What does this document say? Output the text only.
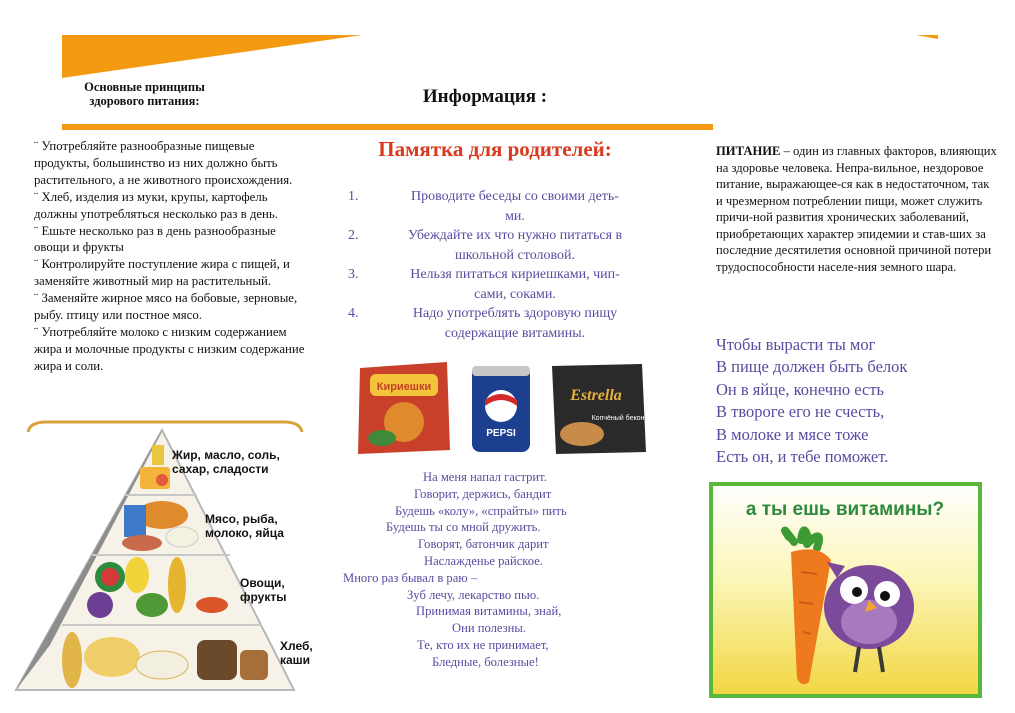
Основные принципы
здорового питания:	Информация :

¨ Употребляйте разнообразные пищевые продукты, большинство из них должно быть растительного, а не животного происхождения.

¨ Хлеб, изделия из муки, крупы, картофель должны употребляться несколько раз в день.

¨ Ешьте несколько раз в день разнообразные овощи и фрукты

¨ Контролируйте поступление жира с пищей, и заменяйте животный мир на растительный.

¨ Заменяйте жирное мясо на бобовые, зерновые, рыбу. птицу или постное мясо.

¨ Употребляйте молоко с низким содержанием жира и молочные продукты с низким содержание жира и соли.

Жир, масло, соль,
сахар, сладости
Мясо, рыба,
молоко, яйца
Овощи,
фрукты
Хлеб,
каши
Памятка для родителей:
1.	Проводите беседы со своими деть-
ми.
2.	Убеждайте их что нужно питаться в
школьной столовой.
3.	Нельзя питаться кириешками, чип-
сами, соками.
4.	Надо употреблять здоровую пищу
содержащие витамины.
Кириешки
PEPSI
Estrella
Копчёный бекон
На меня напал гастрит.
Говорит, держись, бандит
Будешь «колу», «спрайты» пить
Будешь ты со мной дружить.
Говорят, батончик дарит
Наслажденье райское.
Много раз бывал в раю –
Зуб лечу, лекарство пью.
Принимая витамины, знай,
Они полезны.
Те, кто их не принимает,
Бледные, болезные!
ПИТАНИЕ – один из главных факторов, влияющих на здоровье человека. Непра-вильное, нездоровое питание, выражающее-ся как в недостаточном, так и чрезмерном потреблении пищи, может служить причи-ной развития хронических заболеваний, приобретающих характер эпидемии и став-ших за последние десятилетия основной причиной потери трудоспособности населе-ния земного шара.
Чтобы вырасти ты мог
В пище должен быть белок
Он в яйце, конечно есть
В твороге его не счесть,
В молоке и мясе тоже
Есть он, и тебе поможет.
а ты ешь витамины?
